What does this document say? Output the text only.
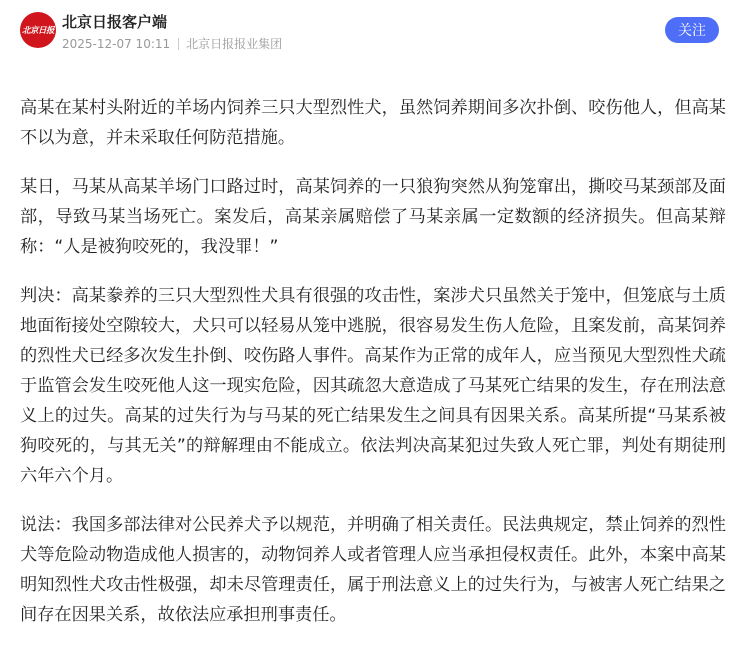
北京日报 北京日报客户端
2025-12-07 10:11 北京日报报业集团
关注

高某在某村头附近的羊场内饲养三只大型烈性犬，虽然饲养期间多次扑倒、咬伤他人，但高某不以为意，并未采取任何防范措施。

某日，马某从高某羊场门口路过时，高某饲养的一只狼狗突然从狗笼窜出，撕咬马某颈部及面部，导致马某当场死亡。案发后，高某亲属赔偿了马某亲属一定数额的经济损失。但高某辩称：“人是被狗咬死的，我没罪！”

判决：高某豢养的三只大型烈性犬具有很强的攻击性，案涉犬只虽然关于笼中，但笼底与土质地面衔接处空隙较大，犬只可以轻易从笼中逃脱，很容易发生伤人危险，且案发前，高某饲养的烈性犬已经多次发生扑倒、咬伤路人事件。高某作为正常的成年人，应当预见大型烈性犬疏于监管会发生咬死他人这一现实危险，因其疏忽大意造成了马某死亡结果的发生，存在刑法意义上的过失。高某的过失行为与马某的死亡结果发生之间具有因果关系。高某所提“马某系被狗咬死的，与其无关”的辩解理由不能成立。依法判决高某犯过失致人死亡罪，判处有期徒刑六年六个月。

说法：我国多部法律对公民养犬予以规范，并明确了相关责任。民法典规定，禁止饲养的烈性犬等危险动物造成他人损害的，动物饲养人或者管理人应当承担侵权责任。此外，本案中高某明知烈性犬攻击性极强，却未尽管理责任，属于刑法意义上的过失行为，与被害人死亡结果之间存在因果关系，故依法应承担刑事责任。
